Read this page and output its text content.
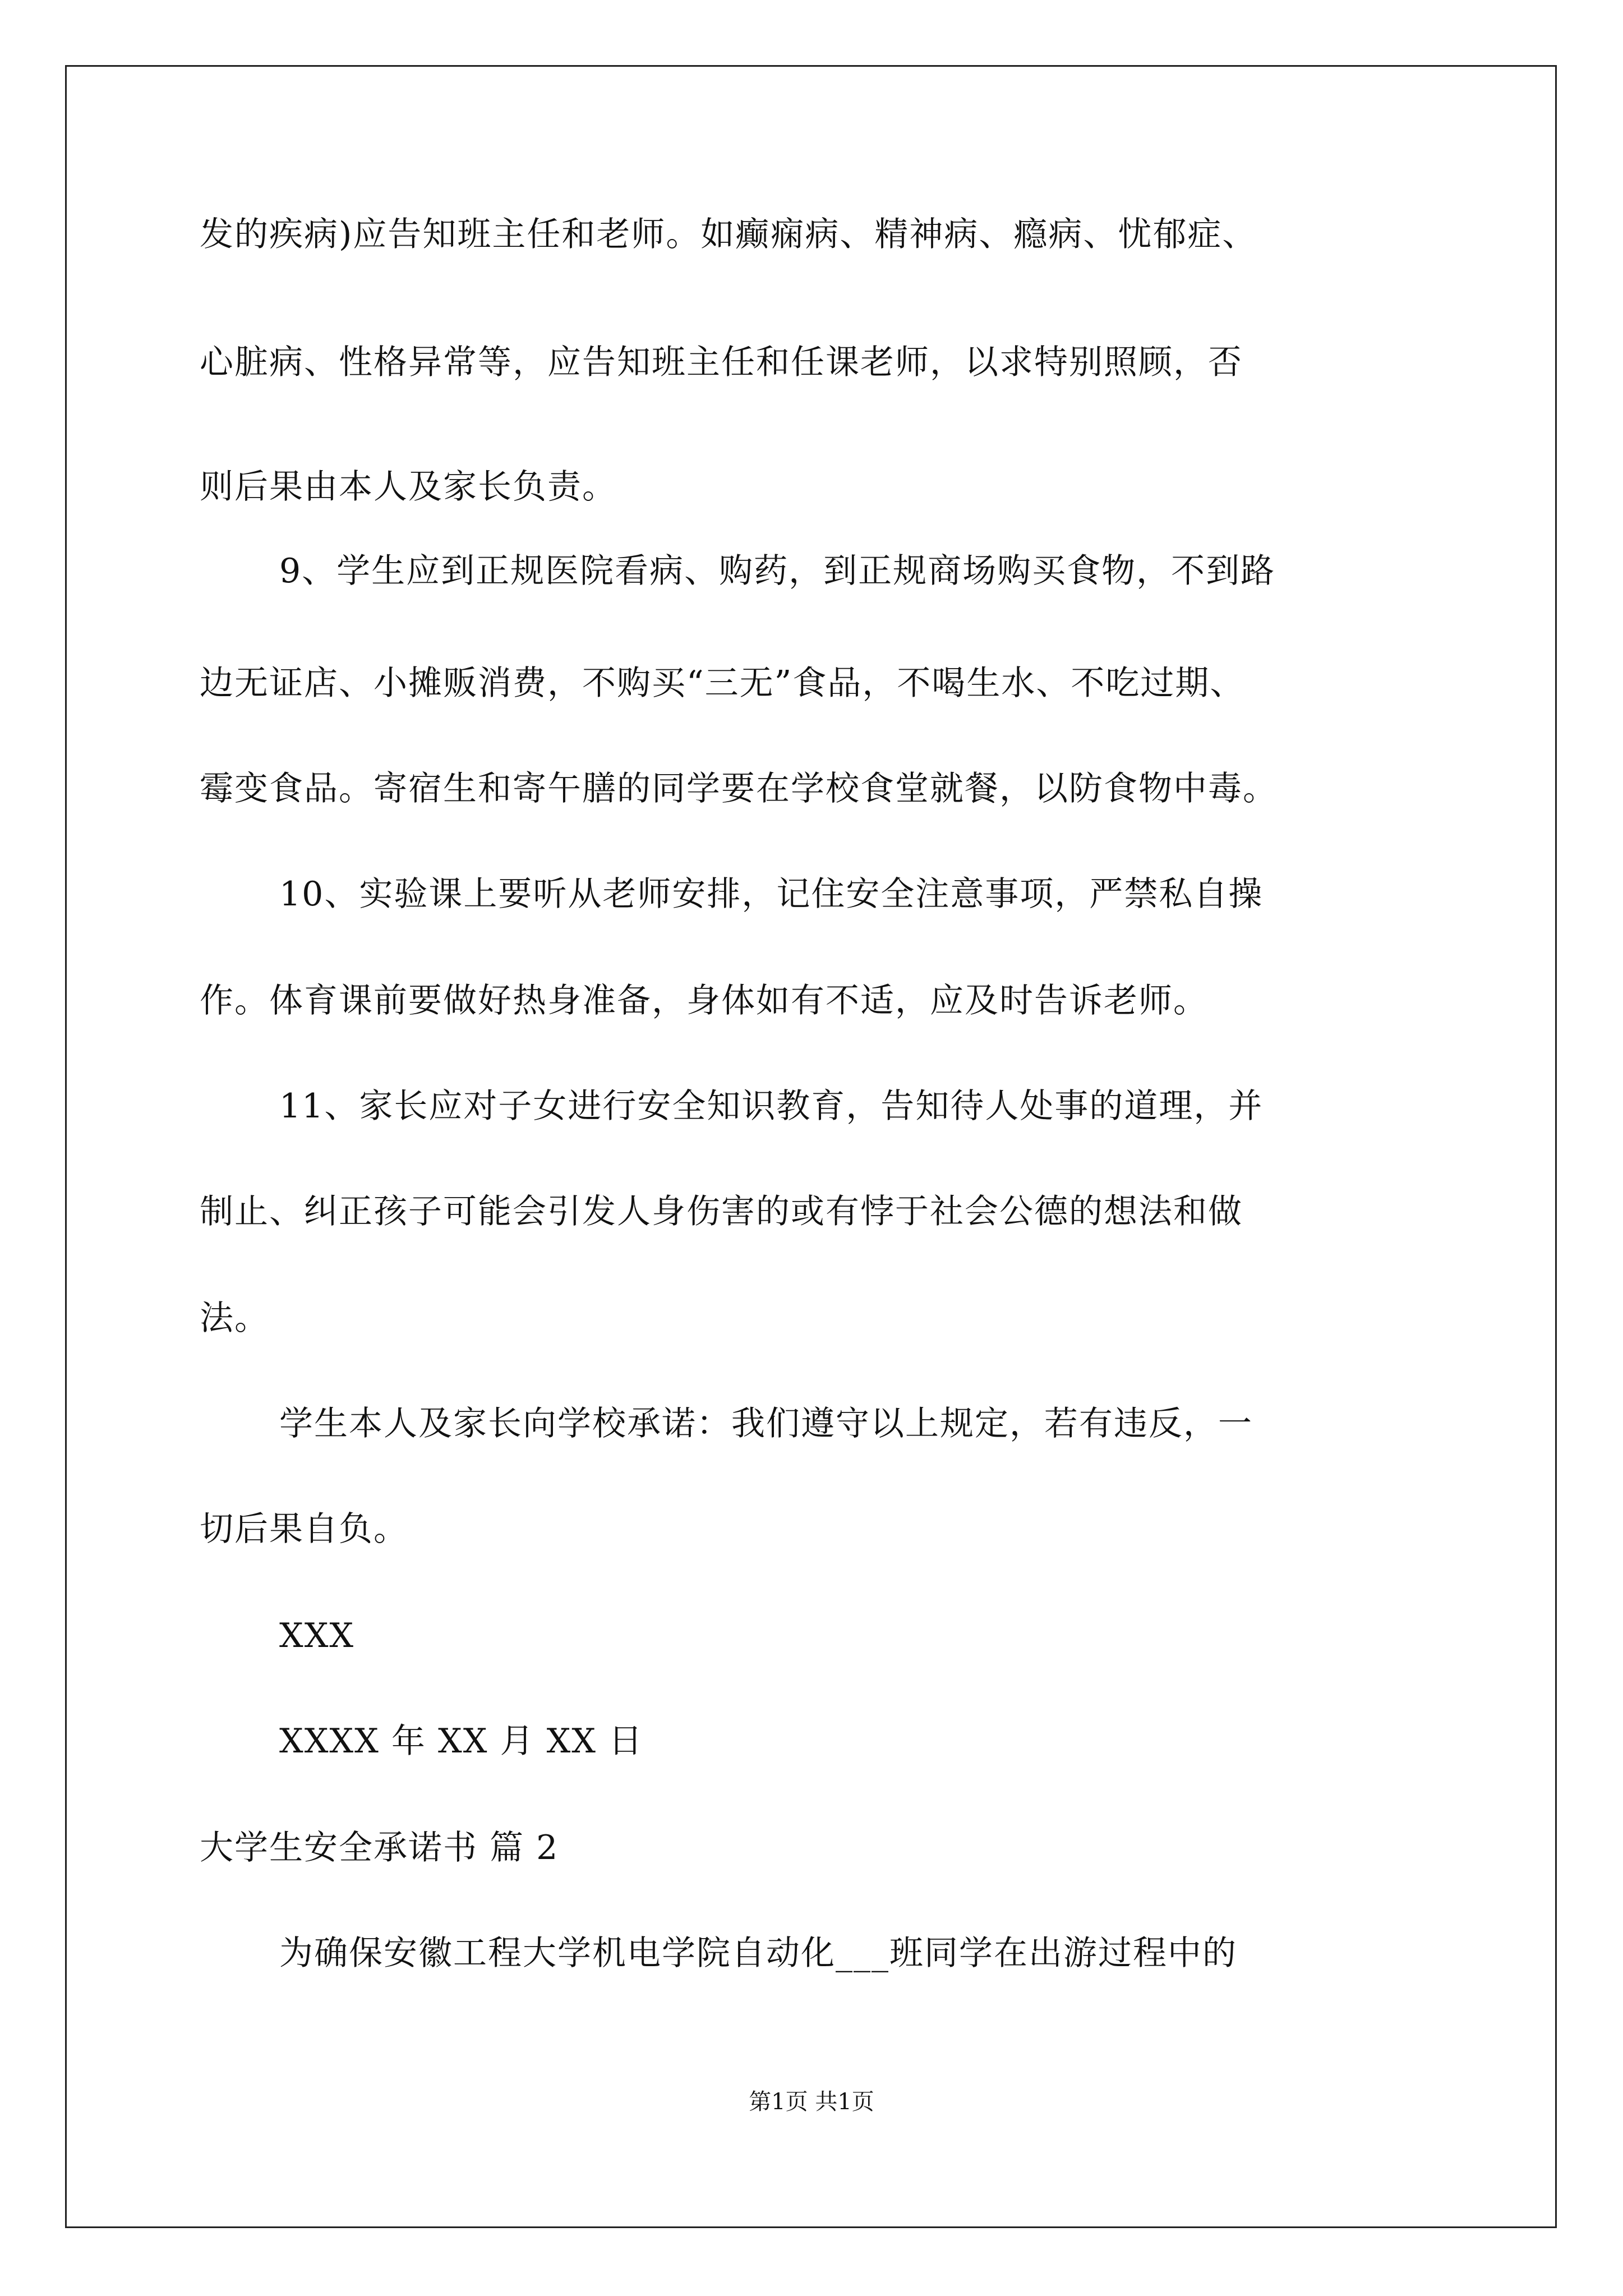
发的疾病)应告知班主任和老师。如癫痫病、精神病、瘾病、忧郁症、
心脏病、性格异常等，应告知班主任和任课老师，以求特别照顾，否
则后果由本人及家长负责。
9、学生应到正规医院看病、购药，到正规商场购买食物，不到路
边无证店、小摊贩消费，不购买“三无”食品，不喝生水、不吃过期、
霉变食品。寄宿生和寄午膳的同学要在学校食堂就餐，以防食物中毒。
10、实验课上要听从老师安排，记住安全注意事项，严禁私自操
作。体育课前要做好热身准备，身体如有不适，应及时告诉老师。
11、家长应对子女进行安全知识教育，告知待人处事的道理，并
制止、纠正孩子可能会引发人身伤害的或有悖于社会公德的想法和做
法。
学生本人及家长向学校承诺：我们遵守以上规定，若有违反，一
切后果自负。
XXX
XXXX 年 XX 月 XX 日
大学生安全承诺书 篇 2
为确保安徽工程大学机电学院自动化___班同学在出游过程中的
第1页 共1页
